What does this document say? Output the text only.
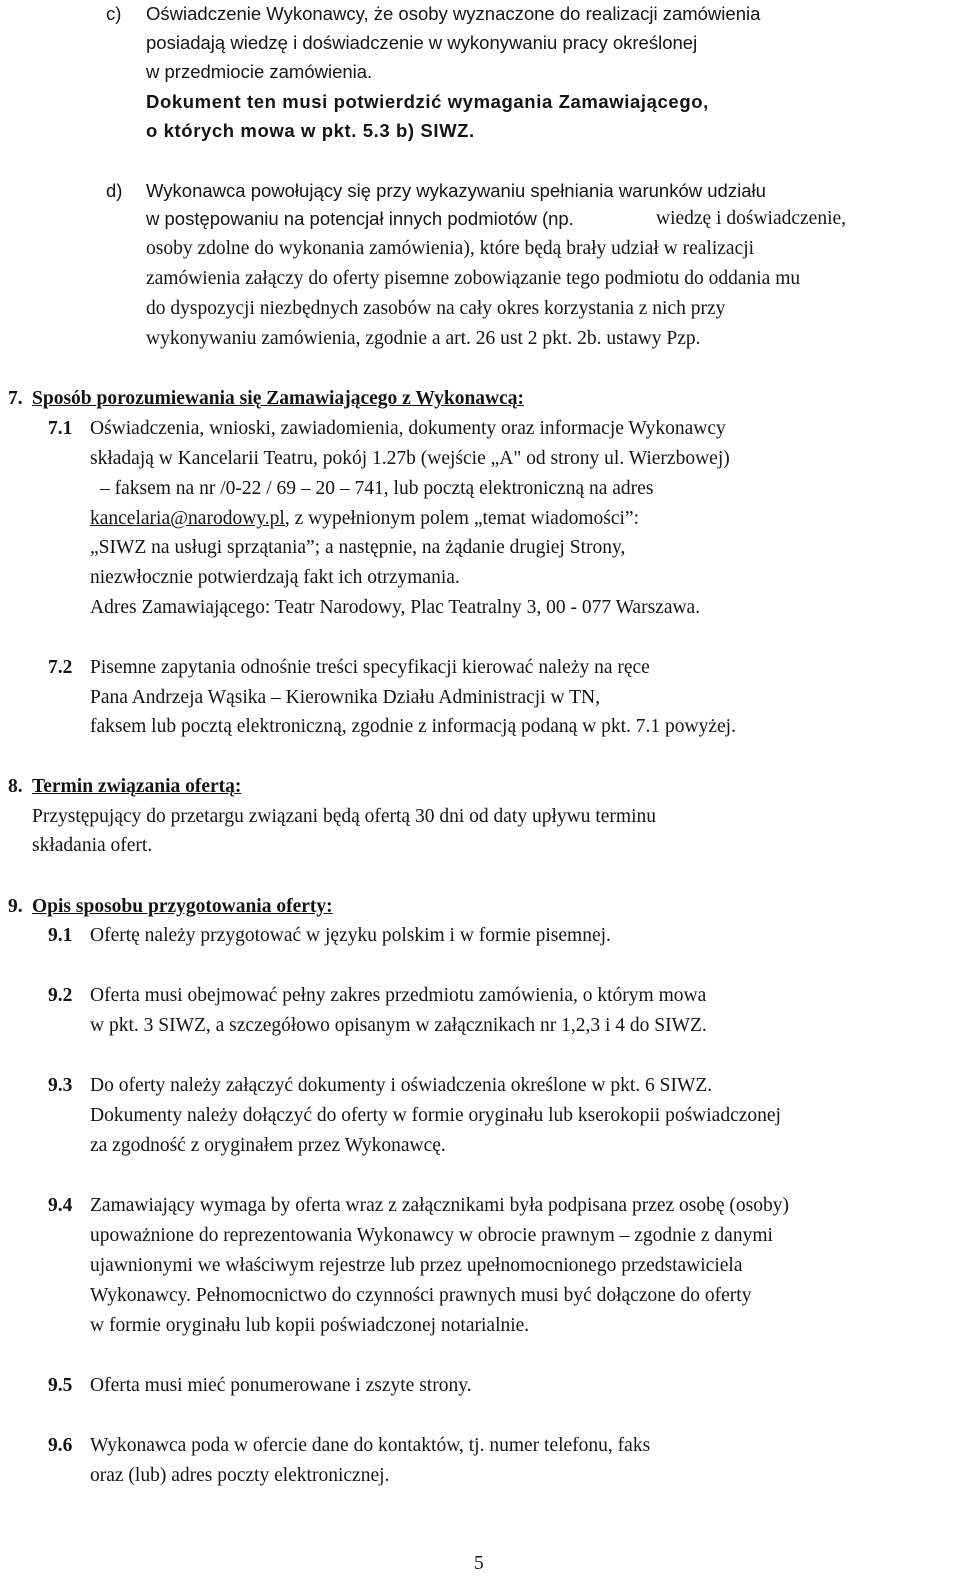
c) Oświadczenie Wykonawcy, że osoby wyznaczone do realizacji zamówienia
posiadają wiedzę i doświadczenie w wykonywaniu pracy określonej
w przedmiocie zamówienia.
Dokument ten musi potwierdzić wymagania Zamawiającego,
o których mowa w pkt. 5.3 b) SIWZ.
d) Wykonawca powołujący się przy wykazywaniu spełniania warunków udziału
w postępowaniu na potencjał innych podmiotów (np.	wiedzę i doświadczenie,
osoby zdolne do wykonania zamówienia), które będą brały udział w realizacji
zamówienia załączy do oferty pisemne zobowiązanie tego podmiotu do oddania mu
do dyspozycji niezbędnych zasobów na cały okres korzystania z nich przy
wykonywaniu zamówienia, zgodnie a art. 26 ust 2 pkt. 2b. ustawy Pzp.
7. Sposób porozumiewania się Zamawiającego z Wykonawcą:
7.1 Oświadczenia, wnioski, zawiadomienia, dokumenty oraz informacje Wykonawcy
składają w Kancelarii Teatru, pokój 1.27b (wejście „A" od strony ul. Wierzbowej)
– faksem na nr /0-22 / 69 – 20 – 741, lub pocztą elektroniczną na adres
kancelaria@narodowy.pl, z wypełnionym polem „temat wiadomości”:
„SIWZ na usługi sprzątania”; a następnie, na żądanie drugiej Strony,
niezwłocznie potwierdzają fakt ich otrzymania.
Adres Zamawiającego: Teatr Narodowy, Plac Teatralny 3, 00 - 077 Warszawa.
7.2 Pisemne zapytania odnośnie treści specyfikacji kierować należy na ręce
Pana Andrzeja Wąsika – Kierownika Działu Administracji w TN,
faksem lub pocztą elektroniczną, zgodnie z informacją podaną w pkt. 7.1 powyżej.
8. Termin związania ofertą:
Przystępujący do przetargu związani będą ofertą 30 dni od daty upływu terminu
składania ofert.
9. Opis sposobu przygotowania oferty:
9.1 Ofertę należy przygotować w języku polskim i w formie pisemnej.
9.2 Oferta musi obejmować pełny zakres przedmiotu zamówienia, o którym mowa
w pkt. 3 SIWZ, a szczegółowo opisanym w załącznikach nr 1,2,3 i 4 do SIWZ.
9.3 Do oferty należy załączyć dokumenty i oświadczenia określone w pkt. 6 SIWZ.
Dokumenty należy dołączyć do oferty w formie oryginału lub kserokopii poświadczonej
za zgodność z oryginałem przez Wykonawcę.
9.4 Zamawiający wymaga by oferta wraz z załącznikami była podpisana przez osobę (osoby)
upoważnione do reprezentowania Wykonawcy w obrocie prawnym – zgodnie z danymi
ujawnionymi we właściwym rejestrze lub przez upełnomocnionego przedstawiciela
Wykonawcy. Pełnomocnictwo do czynności prawnych musi być dołączone do oferty
w formie oryginału lub kopii poświadczonej notarialnie.
9.5 Oferta musi mieć ponumerowane i zszyte strony.
9.6 Wykonawca poda w ofercie dane do kontaktów, tj. numer telefonu, faks
oraz (lub) adres poczty elektronicznej.
5
